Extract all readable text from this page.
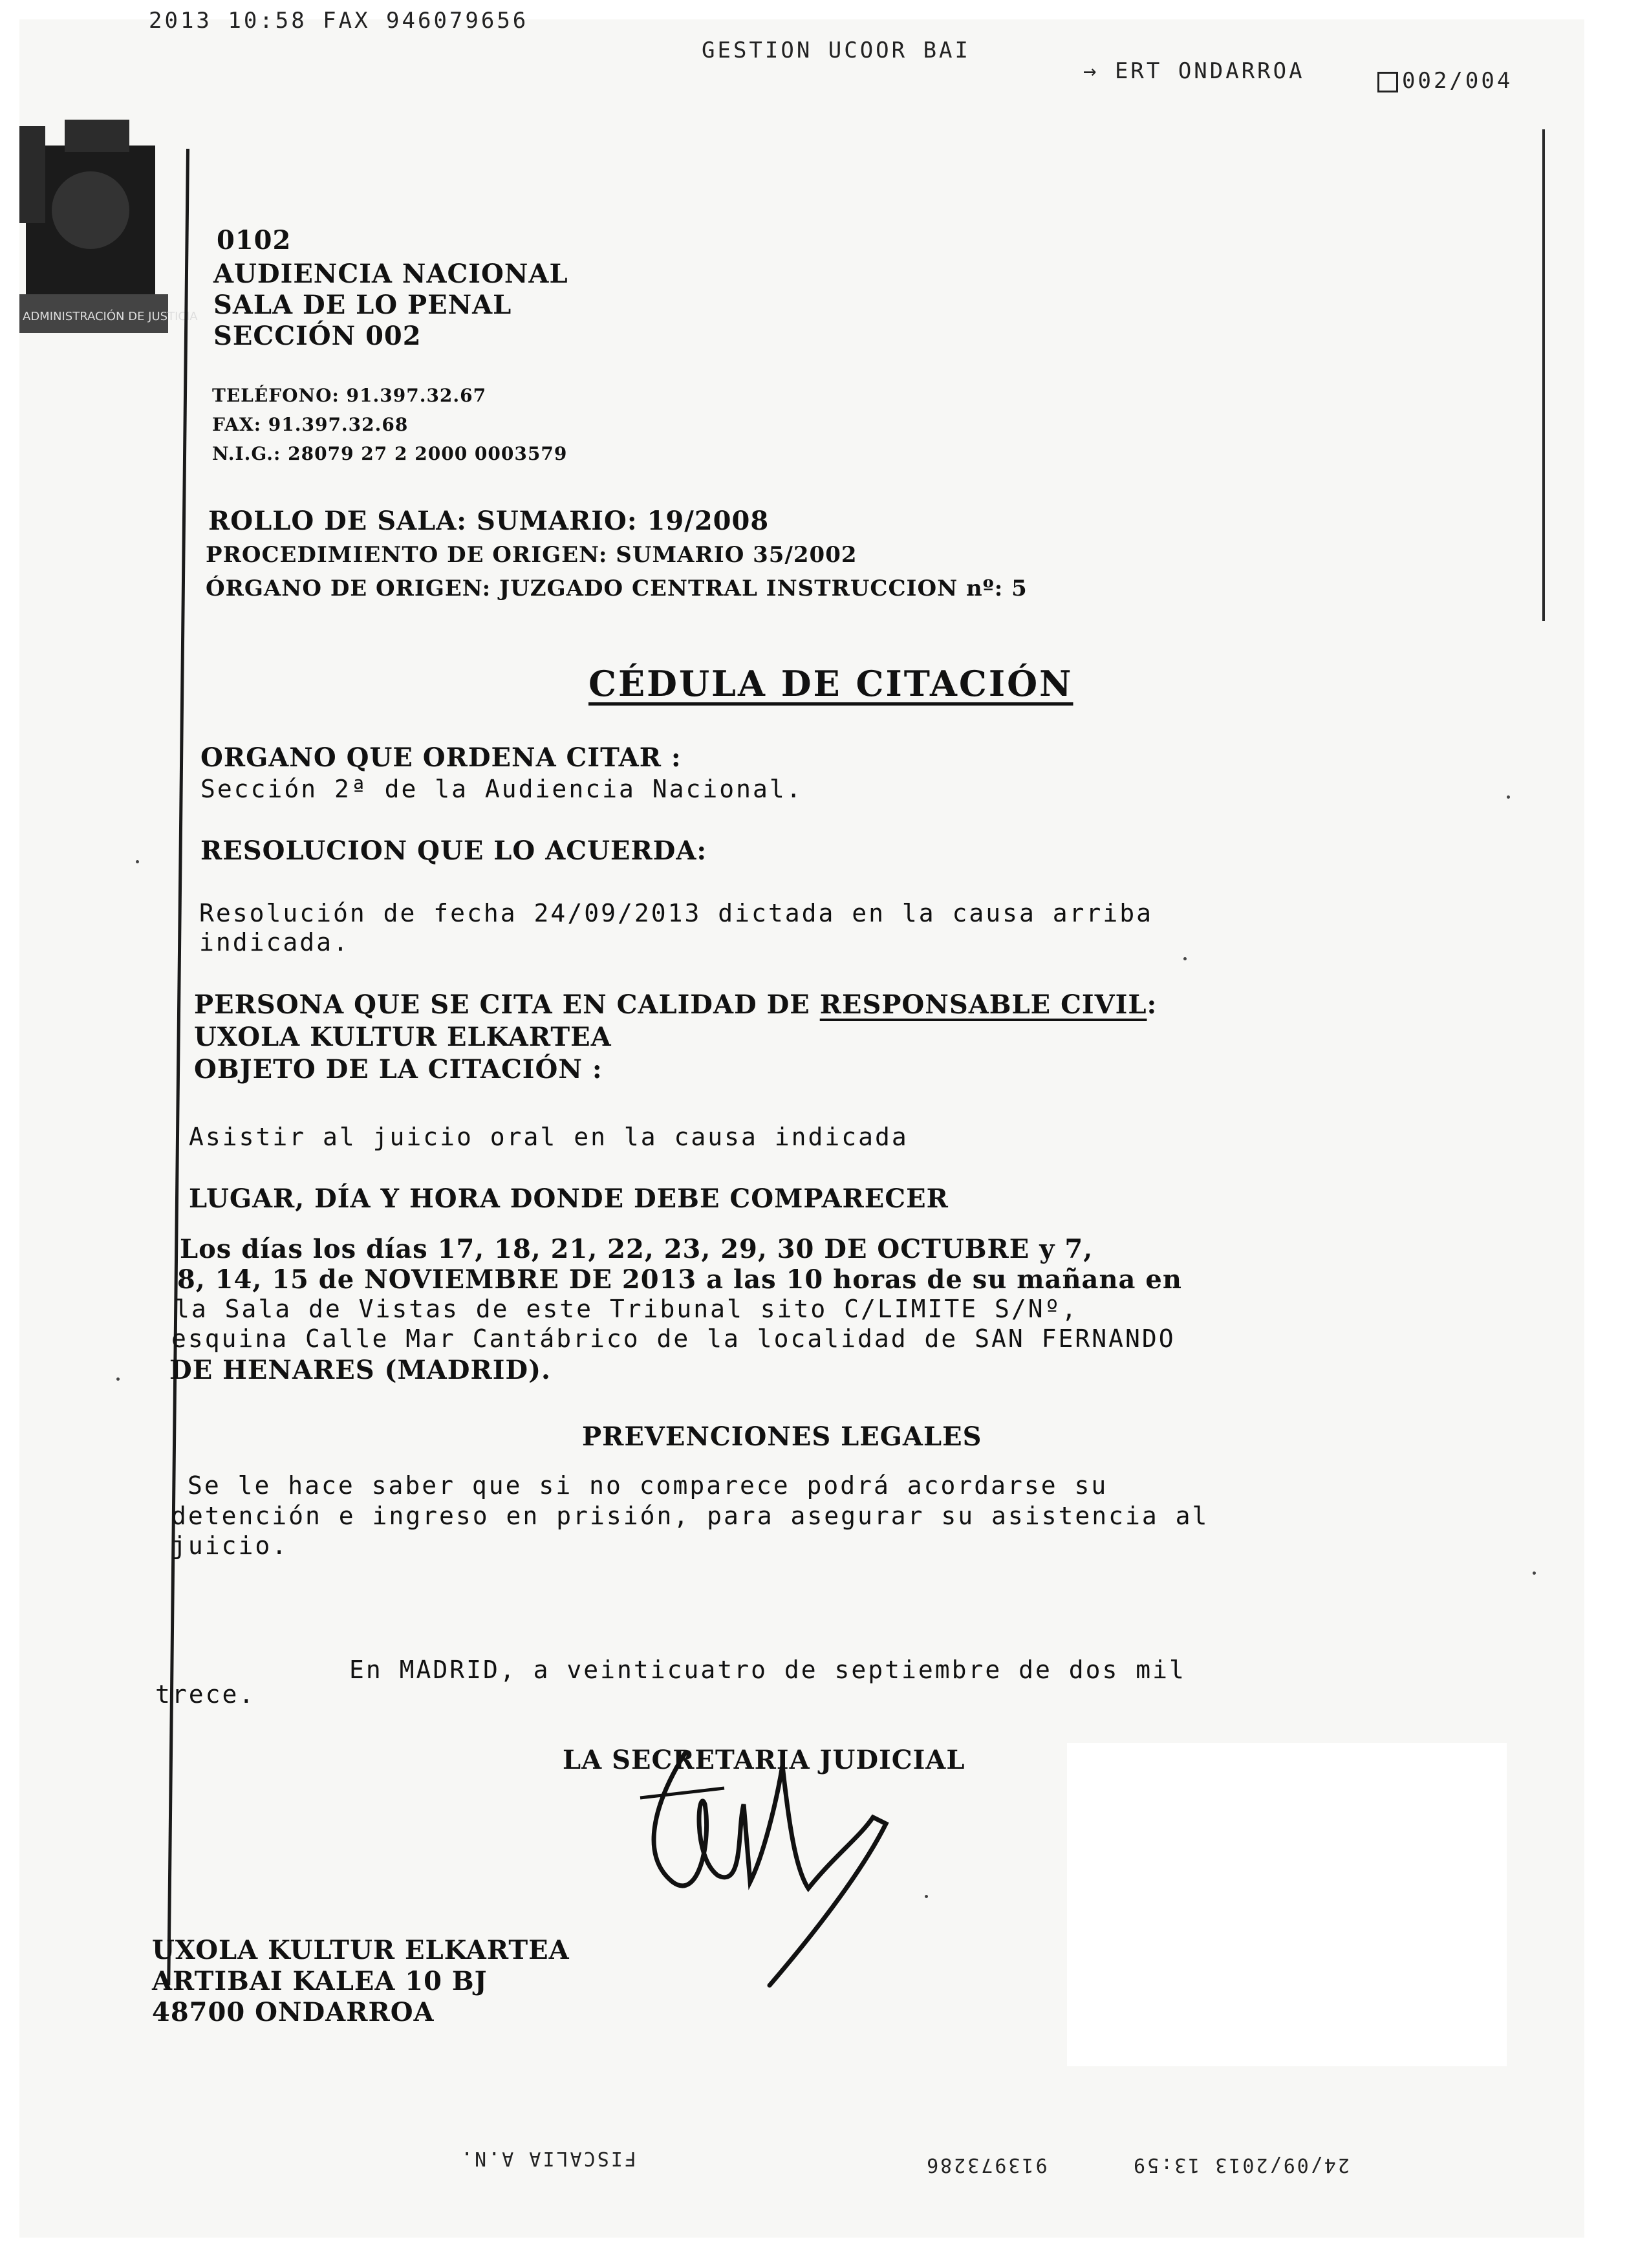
2013 10:58 FAX 946079656
GESTION UCOOR BAI
→ ERT ONDARROA	002/004
ADMINISTRACIÓN DE JUSTICIA
0102
AUDIENCIA NACIONAL
SALA DE LO PENAL
SECCIÓN 002
TELÉFONO: 91.397.32.67
FAX: 91.397.32.68
N.I.G.: 28079 27 2 2000 0003579
ROLLO DE SALA: SUMARIO: 19/2008
PROCEDIMIENTO DE ORIGEN: SUMARIO 35/2002
ÓRGANO DE ORIGEN: JUZGADO CENTRAL INSTRUCCION nº: 5
CÉDULA DE CITACIÓN
ORGANO QUE ORDENA CITAR :
Sección 2ª de la Audiencia Nacional.
RESOLUCION QUE LO ACUERDA:
Resolución de fecha 24/09/2013 dictada en la causa arriba
indicada.
PERSONA QUE SE CITA EN CALIDAD DE RESPONSABLE CIVIL:
UXOLA KULTUR ELKARTEA
OBJETO DE LA CITACIÓN :
Asistir al juicio oral en la causa indicada
LUGAR, DÍA Y HORA DONDE DEBE COMPARECER
Los días los días 17, 18, 21, 22, 23, 29, 30 DE OCTUBRE y 7,
8, 14, 15 de NOVIEMBRE DE 2013 a las 10 horas de su mañana en
la Sala de Vistas de este Tribunal sito C/LIMITE S/Nº,
esquina Calle Mar Cantábrico de la localidad de SAN FERNANDO
DE HENARES (MADRID).
PREVENCIONES LEGALES
Se le hace saber que si no comparece podrá acordarse su
detención e ingreso en prisión, para asegurar su asistencia al
juicio.
En MADRID, a veinticuatro de septiembre de dos mil
trece.
LA SECRETARIA JUDICIAL
UXOLA KULTUR ELKARTEA
ARTIBAI KALEA 10 BJ
48700 ONDARROA
FISCALIA A.N.	913973286	24/09/2013 13:59
